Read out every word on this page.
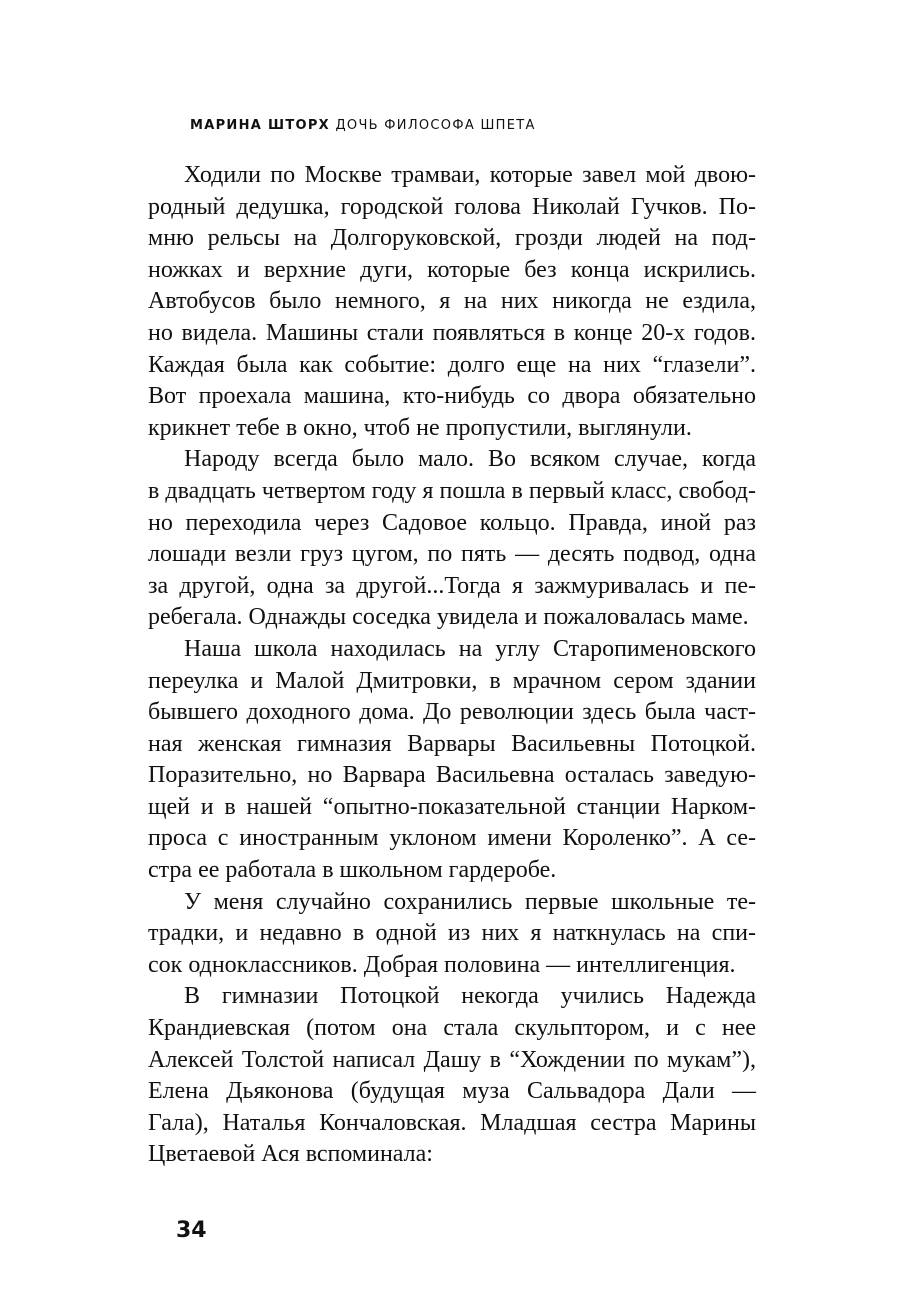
МАРИНА ШТОРХ ДОЧЬ ФИЛОСОФА ШПЕТА
Ходили по Москве трамваи, которые завел мой двою-
родный дедушка, городской голова Николай Гучков. По-
мню рельсы на Долгоруковской, грозди людей на под-
ножках и верхние дуги, которые без конца искрились.
Автобусов было немного, я на них никогда не ездила,
но видела. Машины стали появляться в конце 20-х годов.
Каждая была как событие: долго еще на них “глазели”.
Вот проехала машина, кто-нибудь со двора обязательно
крикнет тебе в окно, чтоб не пропустили, выглянули.
Народу всегда было мало. Во всяком случае, когда
в двадцать четвертом году я пошла в первый класс, свобод-
но переходила через Садовое кольцо. Правда, иной раз
лошади везли груз цугом, по пять — десять подвод, одна
за другой, одна за другой...Тогда я зажмуривалась и пе-
ребегала. Однажды соседка увидела и пожаловалась маме.
Наша школа находилась на углу Старопименовского
переулка и Малой Дмитровки, в мрачном сером здании
бывшего доходного дома. До революции здесь была част-
ная женская гимназия Варвары Васильевны Потоцкой.
Поразительно, но Варвара Васильевна осталась заведую-
щей и в нашей “опытно-показательной станции Нарком-
проса с иностранным уклоном имени Короленко”. А се-
стра ее работала в школьном гардеробе.
У меня случайно сохранились первые школьные те-
традки, и недавно в одной из них я наткнулась на спи-
сок одноклассников. Добрая половина — интеллигенция.
В гимназии Потоцкой некогда учились Надежда
Крандиевская (потом она стала скульптором, и с нее
Алексей Толстой написал Дашу в “Хождении по мукам”),
Елена Дьяконова (будущая муза Сальвадора Дали —
Гала), Наталья Кончаловская. Младшая сестра Марины
Цветаевой Ася вспоминала:
34
